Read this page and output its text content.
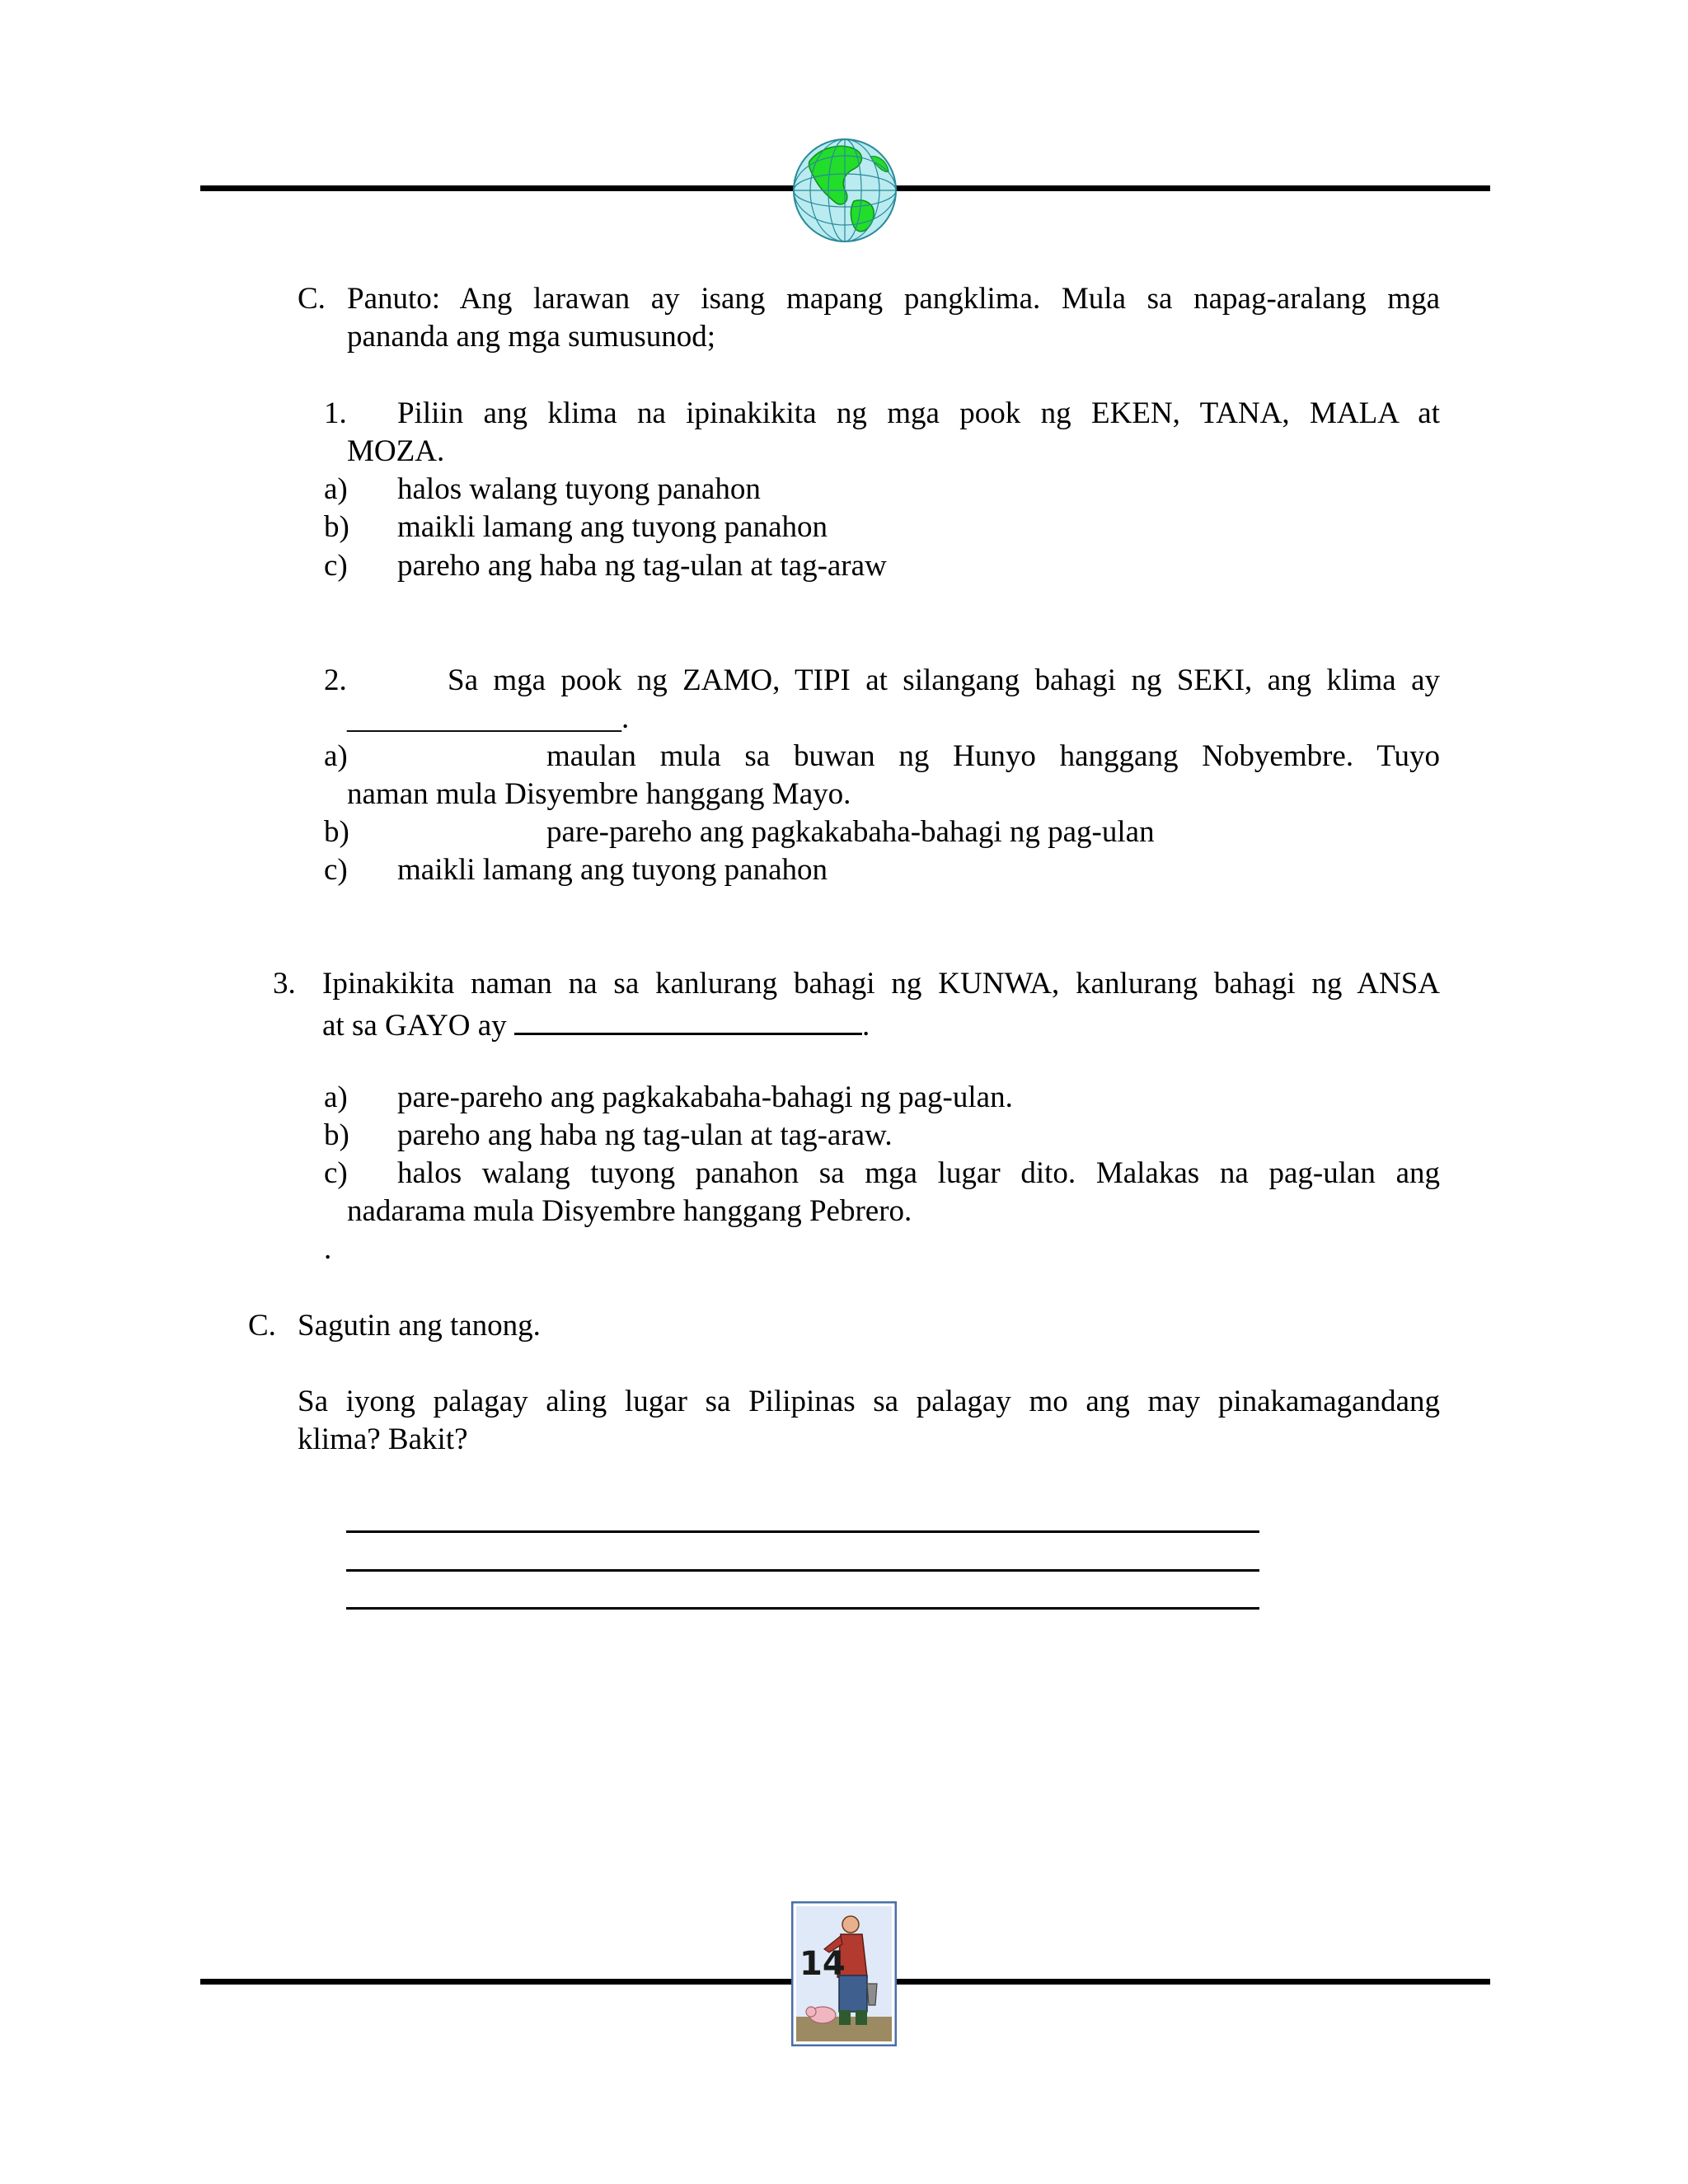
C. Panuto: Ang larawan ay isang mapang pangklima. Mula sa napag-aralang mga
pananda ang mga sumusunod;
1. Piliin ang klima na ipinakikita ng mga pook ng EKEN, TANA, MALA at
MOZA.
a) halos walang tuyong panahon
b) maikli lamang ang tuyong panahon
c) pareho ang haba ng tag-ulan at tag-araw
2.	Sa mga pook ng ZAMO, TIPI at silangang bahagi ng SEKI, ang klima ay
__________________.
a)	maulan mula sa buwan ng Hunyo hanggang Nobyembre. Tuyo
naman mula Disyembre hanggang Mayo.
b)	pare-pareho ang pagkakabaha-bahagi ng pag-ulan
c) maikli lamang ang tuyong panahon
3. Ipinakikita naman na sa kanlurang bahagi ng KUNWA, kanlurang bahagi ng ANSA
at sa GAYO ay	.
a) pare-pareho ang pagkakabaha-bahagi ng pag-ulan.
b) pareho ang haba ng tag-ulan at tag-araw.
c) halos walang tuyong panahon sa mga lugar dito. Malakas na pag-ulan ang
nadarama mula Disyembre hanggang Pebrero.
.
C. Sagutin ang tanong.
Sa iyong palagay aling lugar sa Pilipinas sa palagay mo ang may pinakamagandang
klima? Bakit?
14
